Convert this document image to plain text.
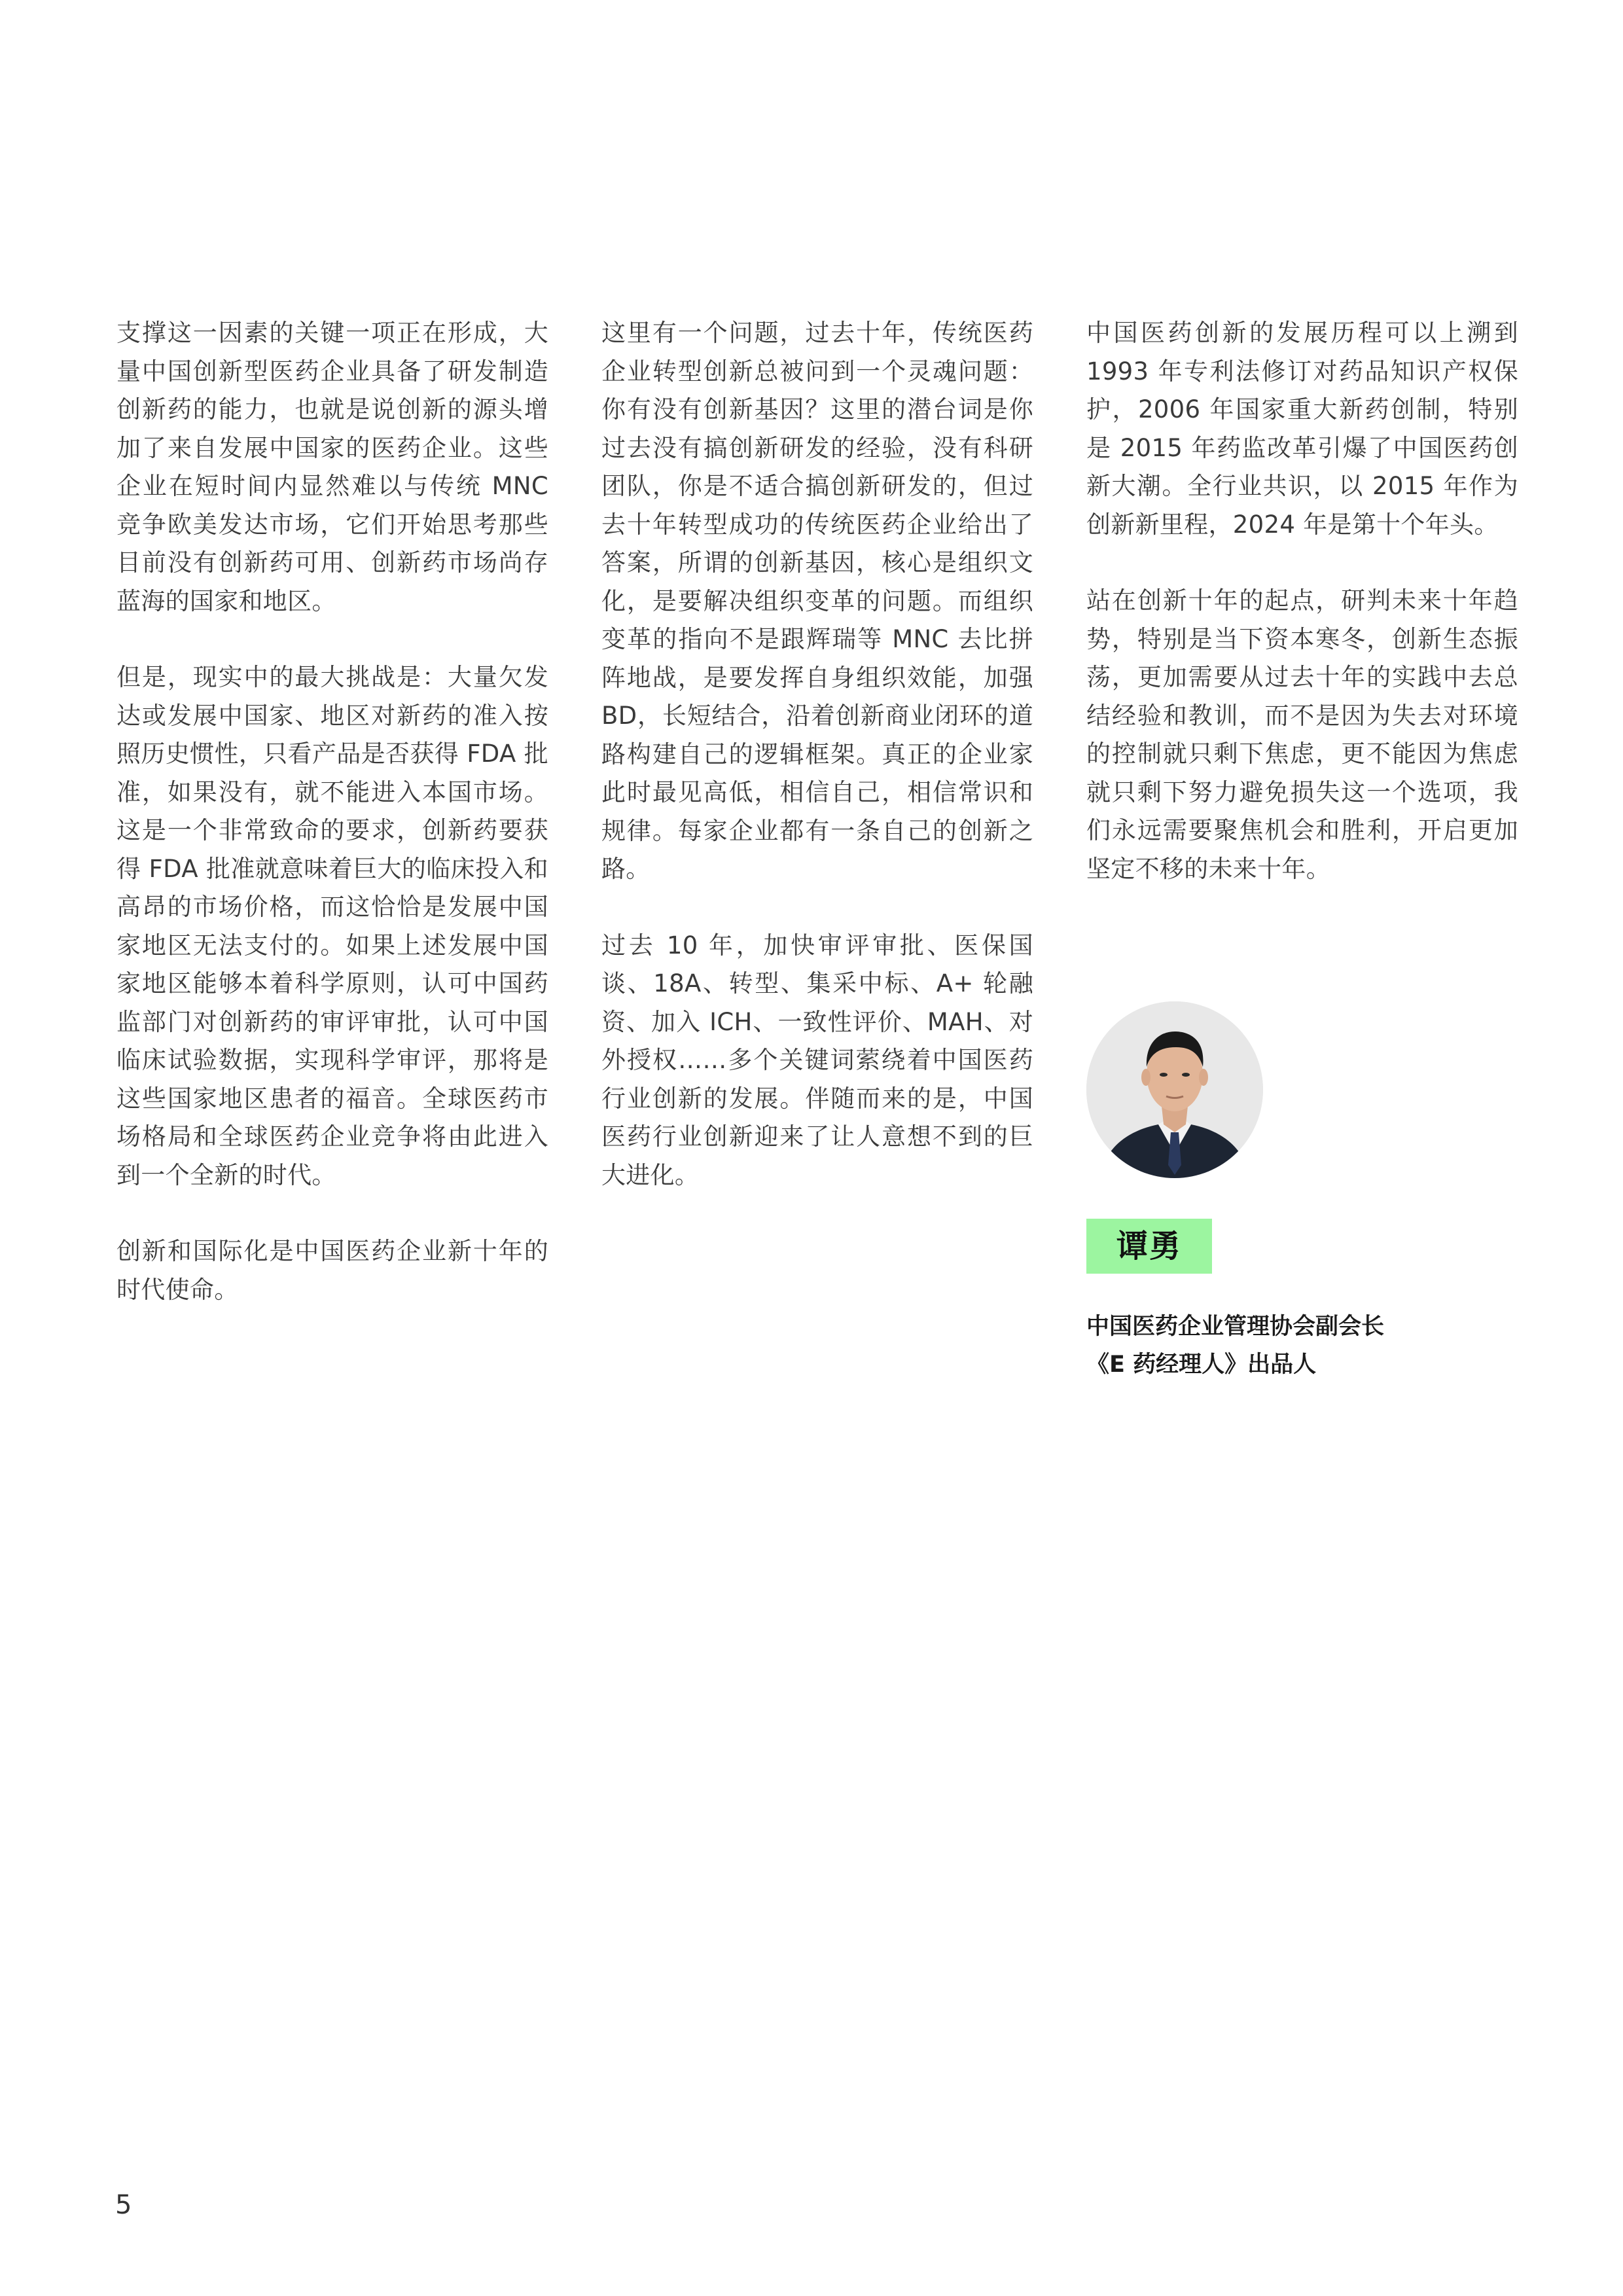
支撑这一因素的关键一项正在形成，大量中国创新型医药企业具备了研发制造创新药的能力，也就是说创新的源头增加了来自发展中国家的医药企业。这些企业在短时间内显然难以与传统 MNC 竞争欧美发达市场，它们开始思考那些目前没有创新药可用、创新药市场尚存蓝海的国家和地区。

但是，现实中的最大挑战是：大量欠发达或发展中国家、地区对新药的准入按照历史惯性，只看产品是否获得 FDA 批准，如果没有，就不能进入本国市场。这是一个非常致命的要求，创新药要获得 FDA 批准就意味着巨大的临床投入和高昂的市场价格，而这恰恰是发展中国家地区无法支付的。如果上述发展中国家地区能够本着科学原则，认可中国药监部门对创新药的审评审批，认可中国临床试验数据，实现科学审评，那将是这些国家地区患者的福音。全球医药市场格局和全球医药企业竞争将由此进入到一个全新的时代。

创新和国际化是中国医药企业新十年的时代使命。

这里有一个问题，过去十年，传统医药企业转型创新总被问到一个灵魂问题：你有没有创新基因？这里的潜台词是你过去没有搞创新研发的经验，没有科研团队，你是不适合搞创新研发的，但过去十年转型成功的传统医药企业给出了答案，所谓的创新基因，核心是组织文化，是要解决组织变革的问题。而组织变革的指向不是跟辉瑞等 MNC 去比拼阵地战，是要发挥自身组织效能，加强 BD，长短结合，沿着创新商业闭环的道路构建自己的逻辑框架。真正的企业家此时最见高低，相信自己，相信常识和规律。每家企业都有一条自己的创新之路。

过去 10 年，加快审评审批、医保国谈、18A、转型、集采中标、A+ 轮融资、加入 ICH、一致性评价、MAH、对外授权……多个关键词萦绕着中国医药行业创新的发展。伴随而来的是，中国医药行业创新迎来了让人意想不到的巨大进化。

中国医药创新的发展历程可以上溯到 1993 年专利法修订对药品知识产权保护，2006 年国家重大新药创制，特别是 2015 年药监改革引爆了中国医药创新大潮。全行业共识，以 2015 年作为创新新里程，2024 年是第十个年头。

站在创新十年的起点，研判未来十年趋势，特别是当下资本寒冬，创新生态振荡，更加需要从过去十年的实践中去总结经验和教训，而不是因为失去对环境的控制就只剩下焦虑，更不能因为焦虑就只剩下努力避免损失这一个选项，我们永远需要聚焦机会和胜利，开启更加坚定不移的未来十年。

谭勇
中国医药企业管理协会副会长
《E 药经理人》出品人
5
